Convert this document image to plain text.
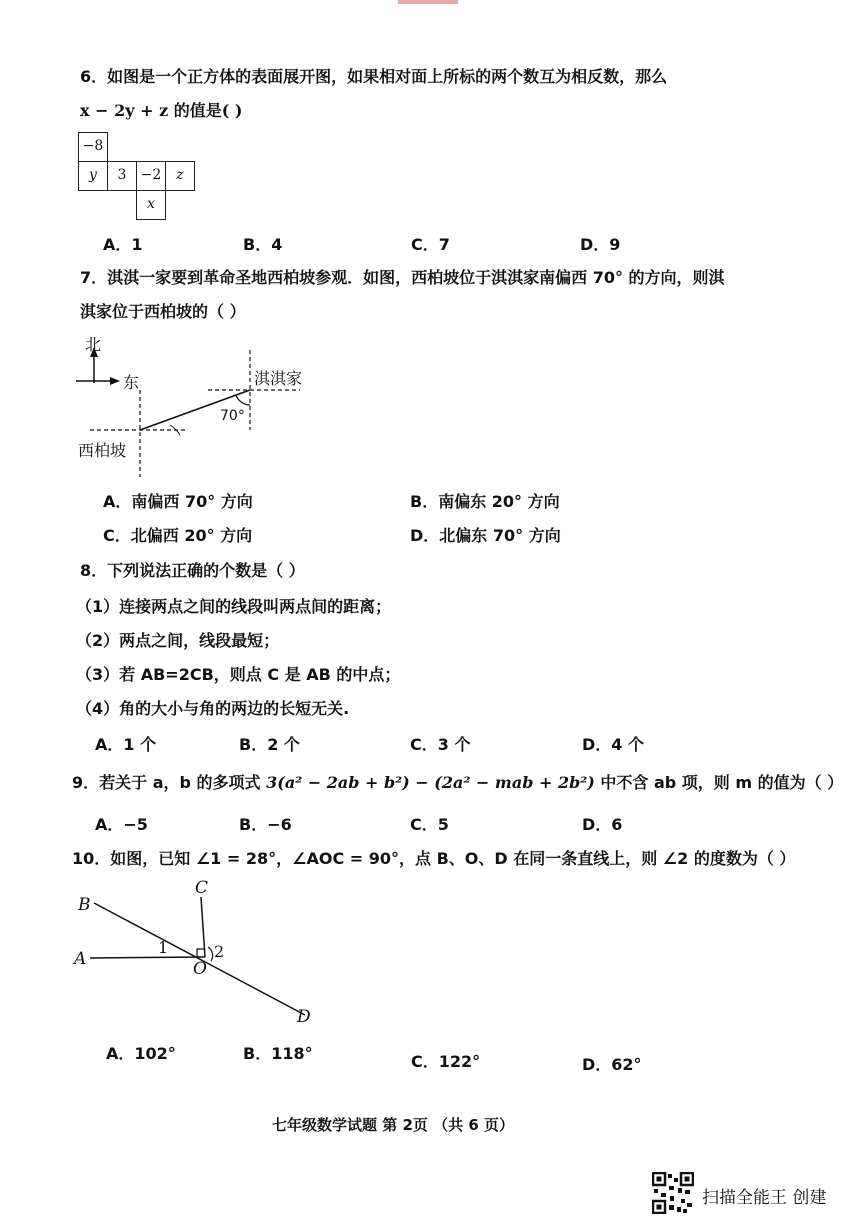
6．如图是一个正方体的表面展开图，如果相对面上所标的两个数互为相反数，那么
x − 2y + z 的值是( )
−8
y	3	−2	z
x
A．1	B．4	C．7	D．9
7．淇淇一家要到革命圣地西柏坡参观．如图，西柏坡位于淇淇家南偏西 70° 的方向，则淇
淇家位于西柏坡的（ ）
北
东	淇淇家
西柏坡
70°
A．南偏西 70° 方向	B．南偏东 20° 方向
C．北偏西 20° 方向	D．北偏东 70° 方向
8．下列说法正确的个数是（ ）
（1）连接两点之间的线段叫两点间的距离；
（2）两点之间，线段最短；
（3）若 AB=2CB，则点 C 是 AB 的中点；
（4）角的大小与角的两边的长短无关.
A．1 个	B．2 个	C．3 个	D．4 个
9．若关于 a，b 的多项式 3(a² − 2ab + b²) − (2a² − mab + 2b²) 中不含 ab 项，则 m 的值为（ ）
A．−5	B．−6	C．5	D．6
10．如图，已知 ∠1 = 28°，∠AOC = 90°，点 B、O、D 在同一条直线上，则 ∠2 的度数为（ ）
B
A
C
O
D
1	2
A．102°	B．118°	C．122°	D．62°
七年级数学试题 第 2页 （共 6 页）
扫描全能王 创建
